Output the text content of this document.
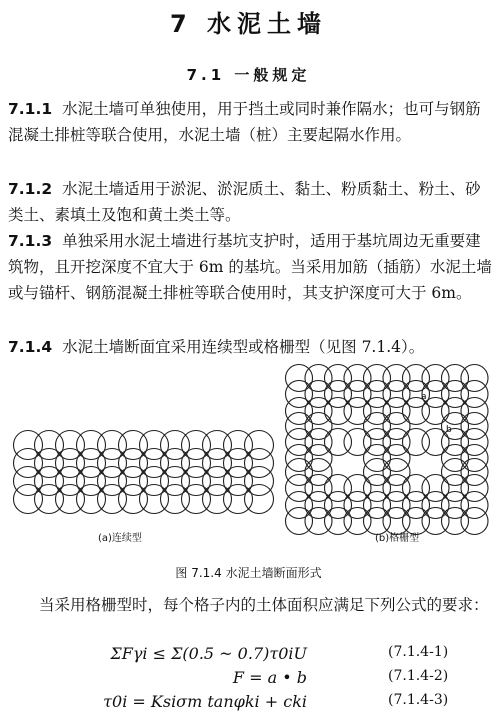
7 水泥土墙
7.1 一般规定
7.1.1 水泥土墙可单独使用，用于挡土或同时兼作隔水；也可与钢筋混凝土排桩等联合使用，水泥土墙（桩）主要起隔水作用。
7.1.2 水泥土墙适用于淤泥、淤泥质土、黏土、粉质黏土、粉土、砂类土、素填土及饱和黄土类土等。
7.1.3 单独采用水泥土墙进行基坑支护时，适用于基坑周边无重要建筑物，且开挖深度不宜大于 6m 的基坑。当采用加筋（插筋）水泥土墙或与锚杆、钢筋混凝土排桩等联合使用时，其支护深度可大于 6m。
7.1.4 水泥土墙断面宜采用连续型或格栅型（见图 7.1.4）。
(a)连续型
a
b
(b)格栅型
图 7.1.4 水泥土墙断面形式
当采用格栅型时，每个格子内的土体面积应满足下列公式的要求：
ΣFγi ≤ Σ(0.5 ~ 0.7)τ0iU	(7.1.4-1)
F = a • b	(7.1.4-2)
τ0i = Ksiσm tanφki + cki	(7.1.4-3)
